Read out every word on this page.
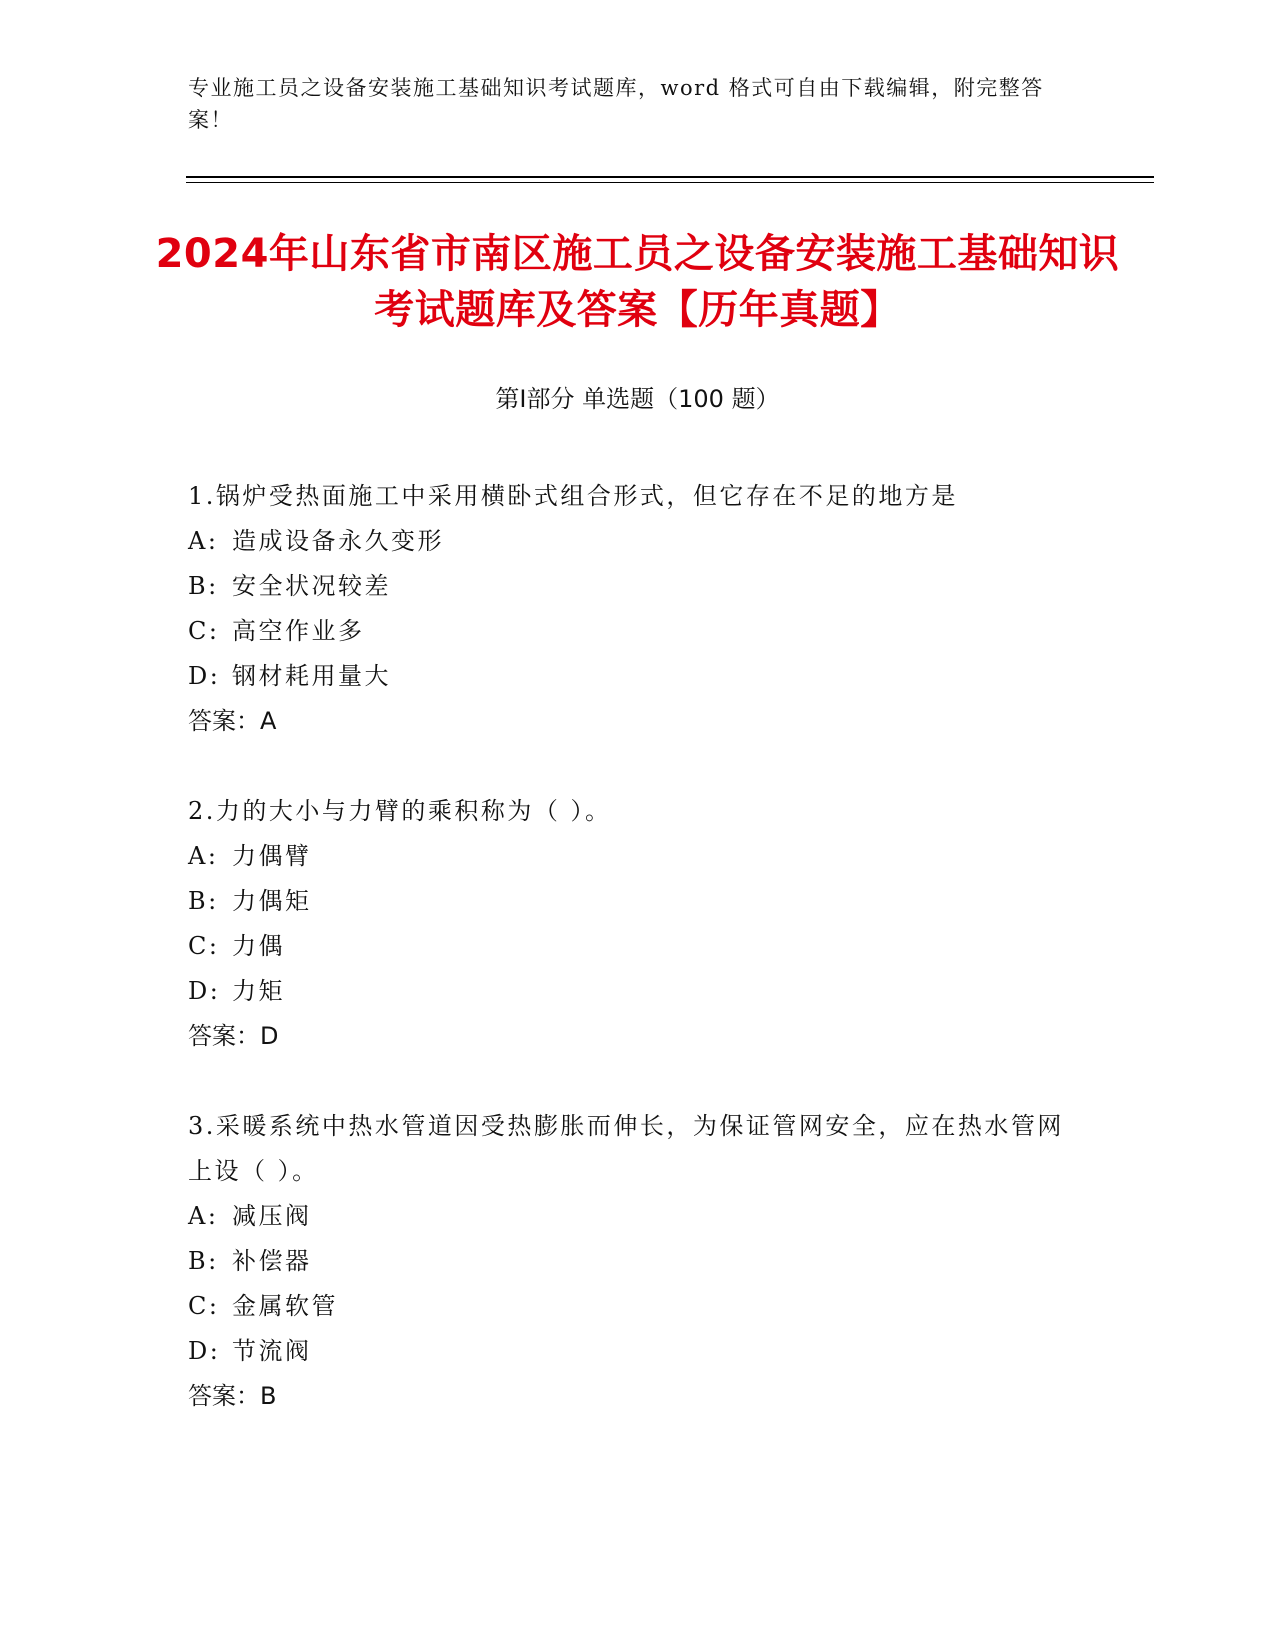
专业施工员之设备安装施工基础知识考试题库，word 格式可自由下载编辑，附完整答案！
2024年山东省市南区施工员之设备安装施工基础知识考试题库及答案【历年真题】
第Ⅰ部分 单选题（100 题）

1.锅炉受热面施工中采用横卧式组合形式，但它存在不足的地方是

A: 造成设备永久变形

B: 安全状况较差

C: 高空作业多

D: 钢材耗用量大

答案：A

2.力的大小与力臂的乘积称为（ ）。

A: 力偶臂

B: 力偶矩

C: 力偶

D: 力矩

答案：D

3.采暖系统中热水管道因受热膨胀而伸长，为保证管网安全，应在热水管网上设（ ）。

A: 减压阀

B: 补偿器

C: 金属软管

D: 节流阀

答案：B
